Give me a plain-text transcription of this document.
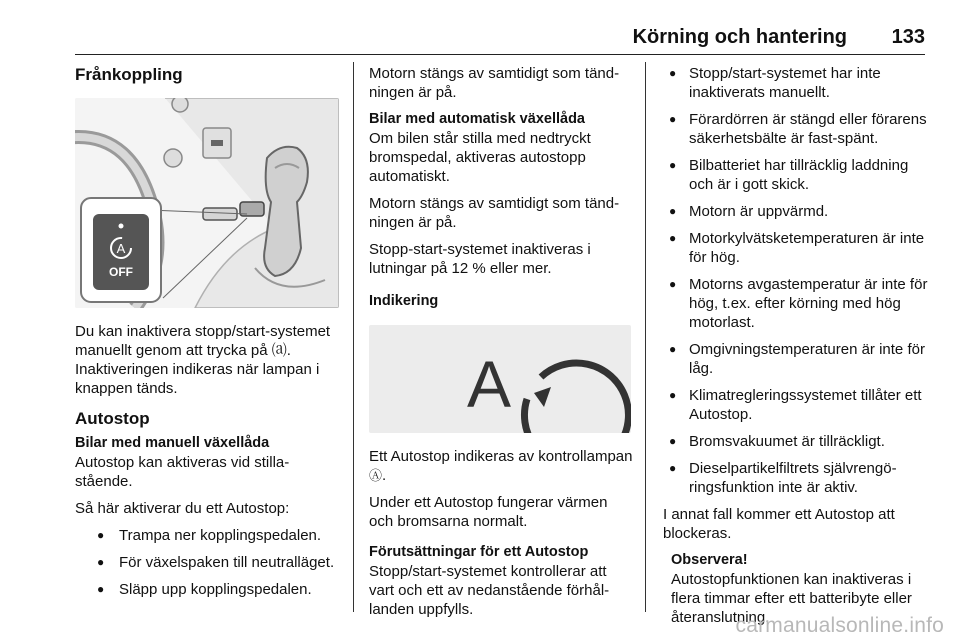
Körning och hantering 133
Frånkoppling
A
OFF

Du kan inaktivera stopp/start-systemet manuellt genom att trycka på ⒜. Inaktiveringen indikeras när lampan i knappen tänds.

Autostop
Bilar med manuell växellåda

Autostop kan aktiveras vid stilla-stående.

Så här aktiverar du ett Autostop:

● Trampa ner kopplingspedalen.
● För växelspaken till neutralläget.
● Släpp upp kopplingspedalen.

Motorn stängs av samtidigt som tänd-ningen är på.

Bilar med automatisk växellåda

Om bilen står stilla med nedtryckt bromspedal, aktiveras autostopp automatiskt.

Motorn stängs av samtidigt som tänd-ningen är på.

Stopp-start-systemet inaktiveras i lutningar på 12 % eller mer.

Indikering
A

Ett Autostop indikeras av kontrollampan Ⓐ.

Under ett Autostop fungerar värmen och bromsarna normalt.

Förutsättningar för ett Autostop

Stopp/start-systemet kontrollerar att vart och ett av nedanstående förhål-landen uppfylls.

● Stopp/start-systemet har inte inaktiverats manuellt.
● Förardörren är stängd eller förarens säkerhetsbälte är fast-spänt.
● Bilbatteriet har tillräcklig laddning och är i gott skick.
● Motorn är uppvärmd.
● Motorkylvätsketemperaturen är inte för hög.
● Motorns avgastemperatur är inte för hög, t.ex. efter körning med hög motorlast.
● Omgivningstemperaturen är inte för låg.
● Klimatregleringssystemet tillåter ett Autostop.
● Bromsvakuumet är tillräckligt.
● Dieselpartikelfiltrets självrengö-ringsfunktion inte är aktiv.

I annat fall kommer ett Autostop att blockeras.

Observera!

Autostopfunktionen kan inaktiveras i flera timmar efter ett batteribyte eller återanslutning.

carmanualsonline.info
